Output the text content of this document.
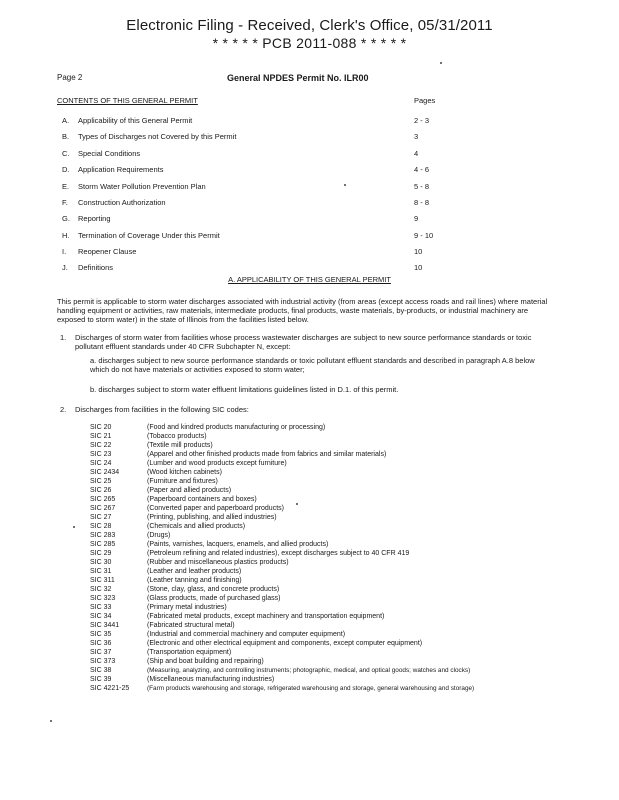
Electronic Filing - Received, Clerk's Office, 05/31/2011
* * * * * PCB 2011-088 * * * * *
Page 2	General NPDES Permit No. ILR00
CONTENTS OF THIS GENERAL PERMIT	Pages
A. Applicability of this General Permit	2 - 3
B. Types of Discharges not Covered by this Permit	3
C. Special Conditions	4
D. Application Requirements	4 - 6
E. Storm Water Pollution Prevention Plan	5 - 8
F. Construction Authorization	8 - 8
G. Reporting	9
H. Termination of Coverage Under this Permit	9 - 10
I. Reopener Clause	10
J. Definitions	10
A. APPLICABILITY OF THIS GENERAL PERMIT
This permit is applicable to storm water discharges associated with industrial activity (from areas (except access roads and rail lines) where material handling equipment or activities, raw materials, intermediate products, final products, waste materials, by-products, or industrial machinery are exposed to storm water) in the state of Illinois from the facilities listed below.
1. Discharges of storm water from facilities whose process wastewater discharges are subject to new source performance standards or toxic pollutant effluent standards under 40 CFR Subchapter N, except:
a. discharges subject to new source performance standards or toxic pollutant effluent standards and described in paragraph A.8 below which do not have materials or activities exposed to storm water;
b. discharges subject to storm water effluent limitations guidelines listed in D.1. of this permit.
2. Discharges from facilities in the following SIC codes:
SIC 20	(Food and kindred products manufacturing or processing)
SIC 21	(Tobacco products)
SIC 22	(Textile mill products)
SIC 23	(Apparel and other finished products made from fabrics and similar materials)
SIC 24	(Lumber and wood products except furniture)
SIC 2434	(Wood kitchen cabinets)
SIC 25	(Furniture and fixtures)
SIC 26	(Paper and allied products)
SIC 265	(Paperboard containers and boxes)
SIC 267	(Converted paper and paperboard products)
SIC 27	(Printing, publishing, and allied industries)
SIC 28	(Chemicals and allied products)
SIC 283	(Drugs)
SIC 285	(Paints, varnishes, lacquers, enamels, and allied products)
SIC 29	(Petroleum refining and related industries), except discharges subject to 40 CFR 419
SIC 30	(Rubber and miscellaneous plastics products)
SIC 31	(Leather and leather products)
SIC 311	(Leather tanning and finishing)
SIC 32	(Stone, clay, glass, and concrete products)
SIC 323	(Glass products, made of purchased glass)
SIC 33	(Primary metal industries)
SIC 34	(Fabricated metal products, except machinery and transportation equipment)
SIC 3441	(Fabricated structural metal)
SIC 35	(Industrial and commercial machinery and computer equipment)
SIC 36	(Electronic and other electrical equipment and components, except computer equipment)
SIC 37	(Transportation equipment)
SIC 373	(Ship and boat building and repairing)
SIC 38	(Measuring, analyzing, and controlling instruments; photographic, medical, and optical goods; watches and clocks)
SIC 39	(Miscellaneous manufacturing industries)
SIC 4221-25	(Farm products warehousing and storage, refrigerated warehousing and storage, general warehousing and storage)
